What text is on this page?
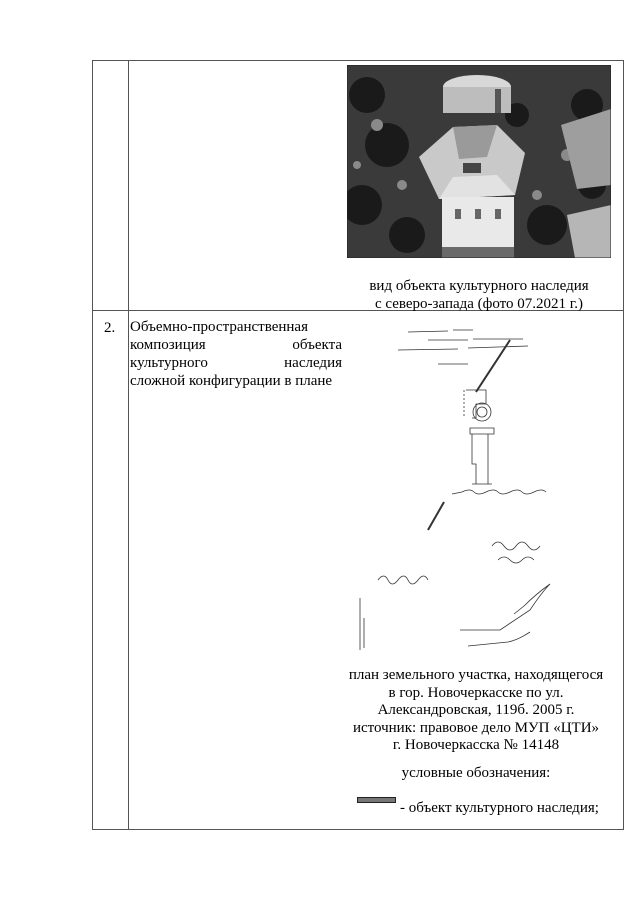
вид объекта культурного наследия
с северо-запада (фото 07.2021 г.)
2. Объемно-пространственная
композиция объекта
культурного наследия
сложной конфигурации в плане
план земельного участка, находящегося
в гор. Новочеркасске по ул.
Александровская, 119б. 2005 г.
источник: правовое дело МУП «ЦТИ»
г. Новочеркасска № 14148
условные обозначения:
- объект культурного наследия;
